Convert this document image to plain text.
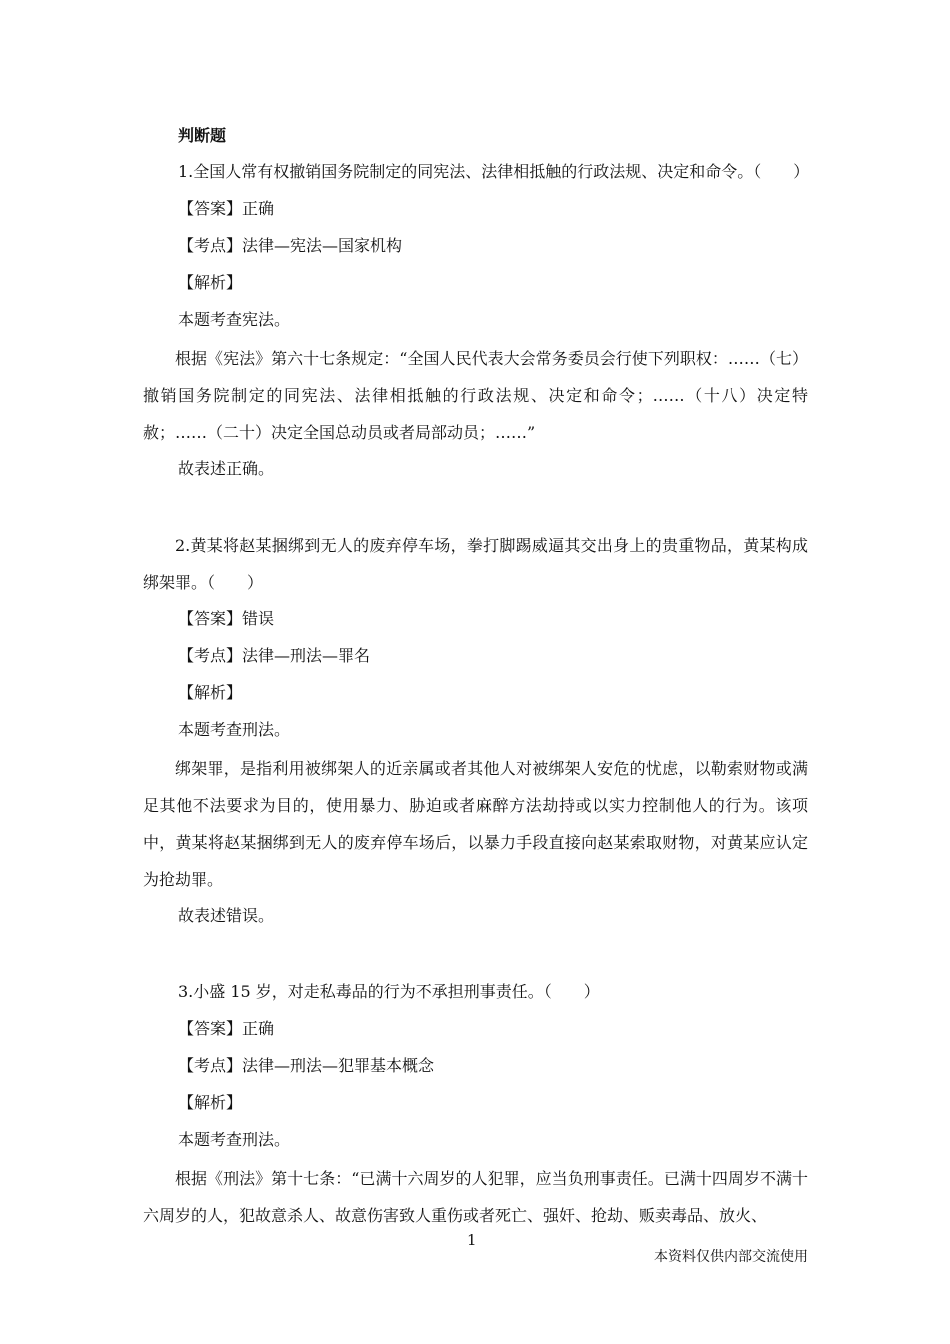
判断题
1.全国人常有权撤销国务院制定的同宪法、法律相抵触的行政法规、决定和命令。（　　）
【答案】正确
【考点】法律—宪法—国家机构
【解析】
本题考查宪法。
根据《宪法》第六十七条规定：“全国人民代表大会常务委员会行使下列职权：……（七）撤销国务院制定的同宪法、法律相抵触的行政法规、决定和命令；……（十八）决定特赦；……（二十）决定全国总动员或者局部动员；……”
故表述正确。
2.黄某将赵某捆绑到无人的废弃停车场，拳打脚踢威逼其交出身上的贵重物品，黄某构成绑架罪。（　　）
【答案】错误
【考点】法律—刑法—罪名
【解析】
本题考查刑法。
绑架罪，是指利用被绑架人的近亲属或者其他人对被绑架人安危的忧虑，以勒索财物或满足其他不法要求为目的，使用暴力、胁迫或者麻醉方法劫持或以实力控制他人的行为。该项中，黄某将赵某捆绑到无人的废弃停车场后，以暴力手段直接向赵某索取财物，对黄某应认定为抢劫罪。
故表述错误。
3.小盛 15 岁，对走私毒品的行为不承担刑事责任。（　　）
【答案】正确
【考点】法律—刑法—犯罪基本概念
【解析】
本题考查刑法。
根据《刑法》第十七条：“已满十六周岁的人犯罪，应当负刑事责任。已满十四周岁不满十六周岁的人，犯故意杀人、故意伤害致人重伤或者死亡、强奸、抢劫、贩卖毒品、放火、
1
本资料仅供内部交流使用
